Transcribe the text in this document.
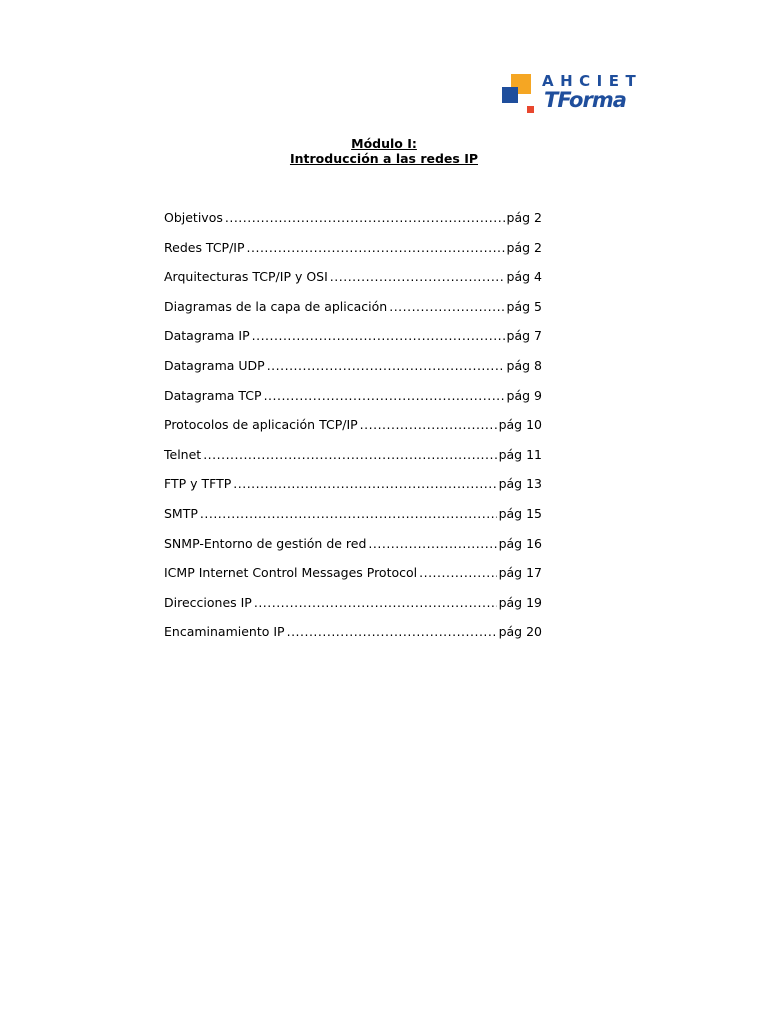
AHCIET
TForma
Módulo I:
Introducción a las redes IP
Objetivos .....	pág 2
Redes TCP/IP .....	pág 2
Arquitecturas TCP/IP y OSI .....	pág 4
Diagramas de la capa de aplicación .....	pág 5
Datagrama IP .....	pág 7
Datagrama UDP .....	pág 8
Datagrama TCP .....	pág 9
Protocolos de aplicación TCP/IP .....	pág 10
Telnet .....	pág 11
FTP y TFTP .....	pág 13
SMTP .....	pág 15
SNMP-Entorno de gestión de red .....	pág 16
ICMP Internet Control Messages Protocol .....	pág 17
Direcciones IP .....	pág 19
Encaminamiento IP .....	pág 20
